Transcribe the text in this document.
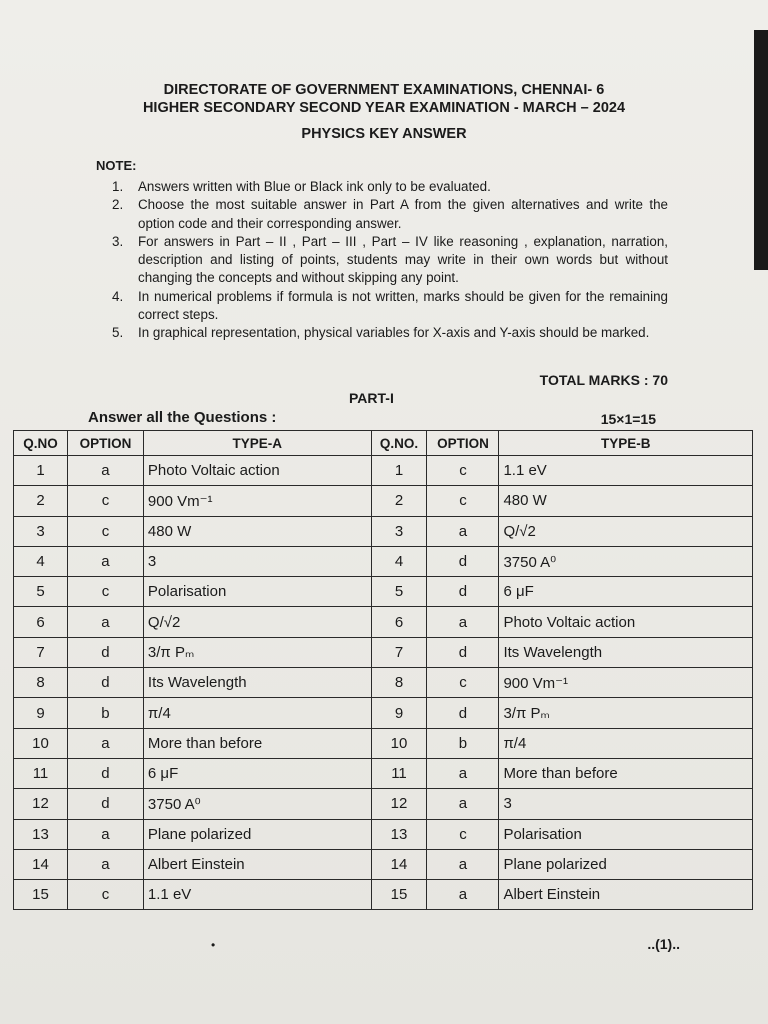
DIRECTORATE OF GOVERNMENT EXAMINATIONS, CHENNAI- 6
HIGHER SECONDARY SECOND YEAR EXAMINATION - MARCH – 2024
PHYSICS KEY ANSWER
NOTE:
1.	Answers written with Blue or Black ink only to be evaluated.
2.	Choose the most suitable answer in Part A from the given alternatives and write the option code and their corresponding answer.
3.	For answers in Part – II , Part – III , Part – IV like reasoning , explanation, narration, description and listing of points, students may write in their own words but without changing the concepts and without skipping any point.
4.	In numerical problems if formula is not written, marks should be given for the remaining correct steps.
5.	In graphical representation, physical variables for X-axis and Y-axis should be marked.
TOTAL MARKS : 70
PART-I
Answer all the Questions :	15×1=15
Q.NO	OPTION	TYPE-A	Q.NO.	OPTION	TYPE-B
1	a	Photo Voltaic action	1	c	1.1 eV
2	c	900 Vm⁻¹	2	c	480 W
3	c	480 W	3	a	Q/√2
4	a	3	4	d	3750 A⁰
5	c	Polarisation	5	d	6 μF
6	a	Q/√2	6	a	Photo Voltaic action
7	d	3/π Pₘ	7	d	Its Wavelength
8	d	Its Wavelength	8	c	900 Vm⁻¹
9	b	π/4	9	d	3/π Pₘ
10	a	More than before	10	b	π/4
11	d	6 μF	11	a	More than before
12	d	3750 A⁰	12	a	3
13	a	Plane polarized	13	c	Polarisation
14	a	Albert Einstein	14	a	Plane polarized
15	c	1.1 eV	15	a	Albert Einstein
•	..(1)..
